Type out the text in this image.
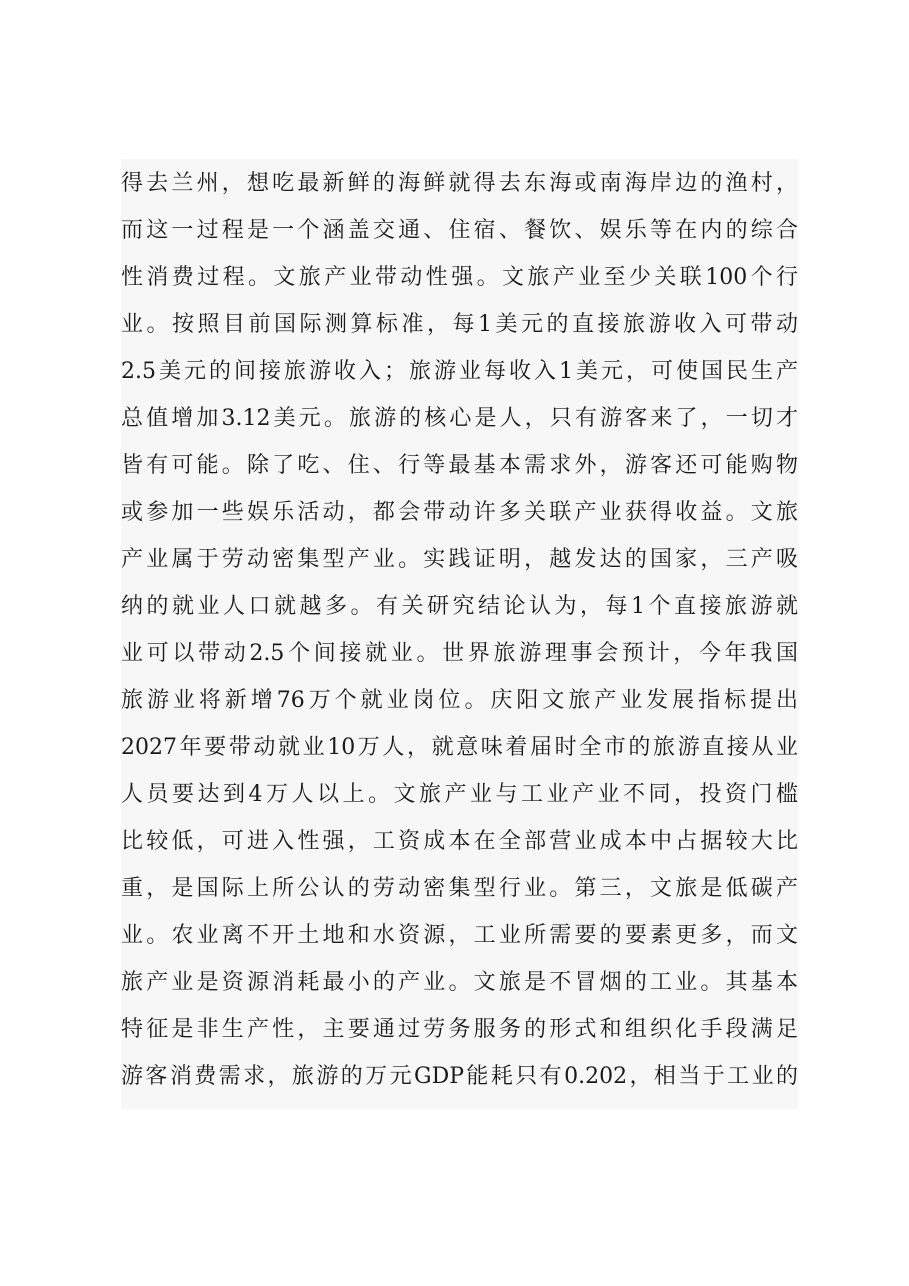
得去兰州，想吃最新鲜的海鲜就得去东海或南海岸边的渔村，
而这一过程是一个涵盖交通、住宿、餐饮、娱乐等在内的综合
性消费过程。文旅产业带动性强。文旅产业至少关联100个行
业。按照目前国际测算标准，每1美元的直接旅游收入可带动
2.5美元的间接旅游收入；旅游业每收入1美元，可使国民生产
总值增加3.12美元。旅游的核心是人，只有游客来了，一切才
皆有可能。除了吃、住、行等最基本需求外，游客还可能购物
或参加一些娱乐活动，都会带动许多关联产业获得收益。文旅
产业属于劳动密集型产业。实践证明，越发达的国家，三产吸
纳的就业人口就越多。有关研究结论认为，每1个直接旅游就
业可以带动2.5个间接就业。世界旅游理事会预计，今年我国
旅游业将新增76万个就业岗位。庆阳文旅产业发展指标提出
2027年要带动就业10万人，就意味着届时全市的旅游直接从业
人员要达到4万人以上。文旅产业与工业产业不同，投资门槛
比较低，可进入性强，工资成本在全部营业成本中占据较大比
重，是国际上所公认的劳动密集型行业。第三，文旅是低碳产
业。农业离不开土地和水资源，工业所需要的要素更多，而文
旅产业是资源消耗最小的产业。文旅是不冒烟的工业。其基本
特征是非生产性，主要通过劳务服务的形式和组织化手段满足
游客消费需求，旅游的万元GDP能耗只有0.202，相当于工业的
